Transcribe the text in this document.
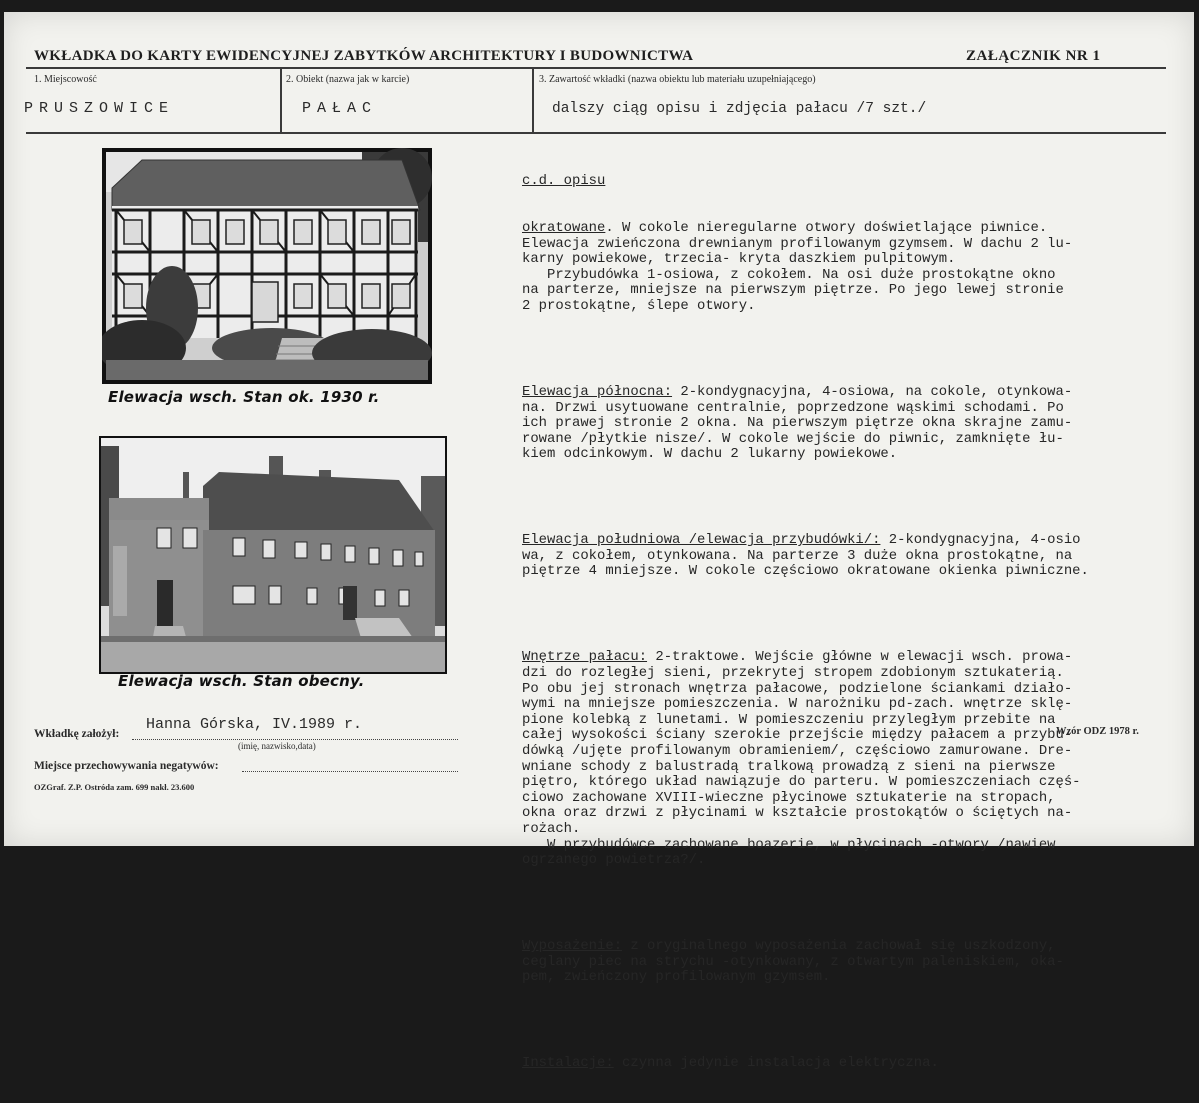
WKŁADKA DO KARTY EWIDENCYJNEJ ZABYTKÓW ARCHITEKTURY I BUDOWNICTWA	ZAŁĄCZNIK NR 1
1. Miejscowość	2. Obiekt (nazwa jak w karcie)	3. Zawartość wkładki (nazwa obiektu lub materiału uzupełniającego)
PRUSZOWICE	PAŁAC	dalszy ciąg opisu i zdjęcia pałacu /7 szt./
Elewacja wsch. Stan ok. 1930 r.
Elewacja wsch. Stan obecny.

c.d. opisu

okratowane. W cokole nieregularne otwory doświetlające piwnice.
Elewacja zwieńczona drewnianym profilowanym gzymsem. W dachu 2 lu-
karny powiekowe, trzecia- kryta daszkiem pulpitowym.
Przybudówka 1-osiowa, z cokołem. Na osi duże prostokątne okno
na parterze, mniejsze na pierwszym piętrze. Po jego lewej stronie
2 prostokątne, ślepe otwory.

Elewacja północna: 2-kondygnacyjna, 4-osiowa, na cokole, otynkowa-
na. Drzwi usytuowane centralnie, poprzedzone wąskimi schodami. Po
ich prawej stronie 2 okna. Na pierwszym piętrze okna skrajne zamu-
rowane /płytkie nisze/. W cokole wejście do piwnic, zamknięte łu-
kiem odcinkowym. W dachu 2 lukarny powiekowe.

Elewacja południowa /elewacja przybudówki/: 2-kondygnacyjna, 4-osio
wa, z cokołem, otynkowana. Na parterze 3 duże okna prostokątne, na
piętrze 4 mniejsze. W cokole częściowo okratowane okienka piwniczne.

Wnętrze pałacu: 2-traktowe. Wejście główne w elewacji wsch. prowa-
dzi do rozległej sieni, przekrytej stropem zdobionym sztukaterią.
Po obu jej stronach wnętrza pałacowe, podzielone ściankami działo-
wymi na mniejsze pomieszczenia. W narożniku pd-zach. wnętrze sklę-
pione kolebką z lunetami. W pomieszczeniu przyległym przebite na
całej wysokości ściany szerokie przejście między pałacem a przybu-
dówką /ujęte profilowanym obramieniem/, częściowo zamurowane. Dre-
wniane schody z balustradą tralkową prowadzą z sieni na pierwsze
piętro, którego układ nawiązuje do parteru. W pomieszczeniach częś-
ciowo zachowane XVIII-wieczne płycinowe sztukaterie na stropach,
okna oraz drzwi z płycinami w kształcie prostokątów o ściętych na-
rożach.
W przybudówce zachowane boazerie, w płycinach -otwory /nawiew
ogrzanego powietrza?/.

Wyposażenie: z oryginalnego wyposażenia zachował się uszkodzony,
ceglany piec na strychu -otynkowany, z otwartym paleniskiem, oka-
pem, zwieńczony profilowanym gzymsem.

Instalacje: czynna jedynie instalacja elektryczna.

Wkładkę założył:
Hanna Górska, IV.1989 r.
(imię, nazwisko,data)
Miejsce przechowywania negatywów:
Wzór ODZ 1978 r.
OZGraf. Z.P. Ostróda zam. 699 nakł. 23.600
